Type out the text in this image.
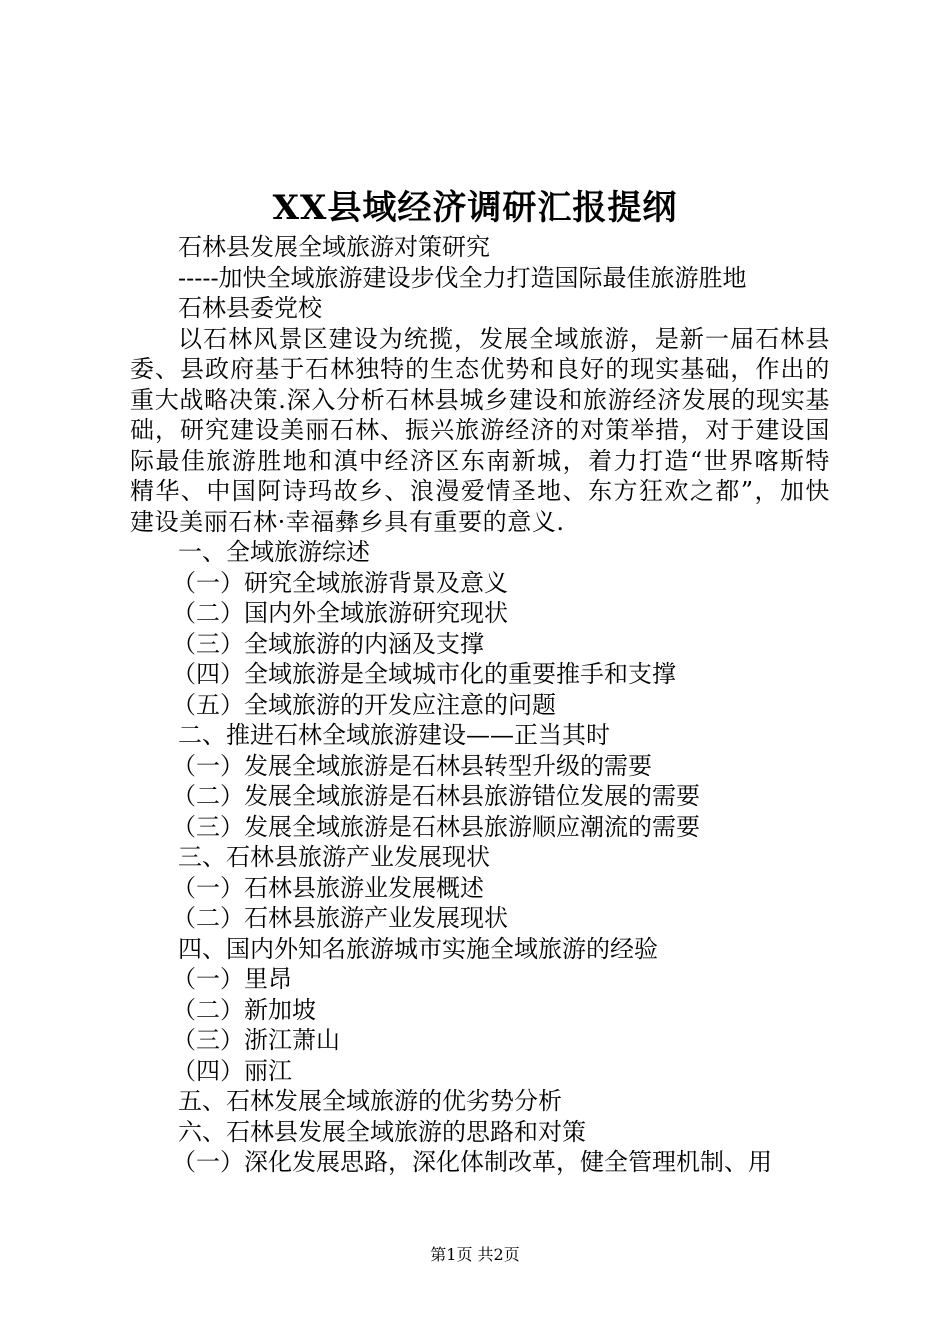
XX县域经济调研汇报提纲
石林县发展全域旅游对策研究
-----加快全域旅游建设步伐全力打造国际最佳旅游胜地
石林县委党校
以石林风景区建设为统揽，发展全域旅游，是新一届石林县委、县政府基于石林独特的生态优势和良好的现实基础，作出的重大战略决策.深入分析石林县城乡建设和旅游经济发展的现实基础，研究建设美丽石林、振兴旅游经济的对策举措，对于建设国际最佳旅游胜地和滇中经济区东南新城，着力打造“世界喀斯特精华、中国阿诗玛故乡、浪漫爱情圣地、东方狂欢之都”，加快建设美丽石林·幸福彝乡具有重要的意义.
一、全域旅游综述
（一）研究全域旅游背景及意义
（二）国内外全域旅游研究现状
（三）全域旅游的内涵及支撑
（四）全域旅游是全域城市化的重要推手和支撑
（五）全域旅游的开发应注意的问题
二、推进石林全域旅游建设——正当其时
（一）发展全域旅游是石林县转型升级的需要
（二）发展全域旅游是石林县旅游错位发展的需要
（三）发展全域旅游是石林县旅游顺应潮流的需要
三、石林县旅游产业发展现状
（一）石林县旅游业发展概述
（二）石林县旅游产业发展现状
四、国内外知名旅游城市实施全域旅游的经验
（一）里昂
（二）新加坡
（三）浙江萧山
（四）丽江
五、石林发展全域旅游的优劣势分析
六、石林县发展全域旅游的思路和对策
（一）深化发展思路，深化体制改革，健全管理机制、用
第1页 共2页
